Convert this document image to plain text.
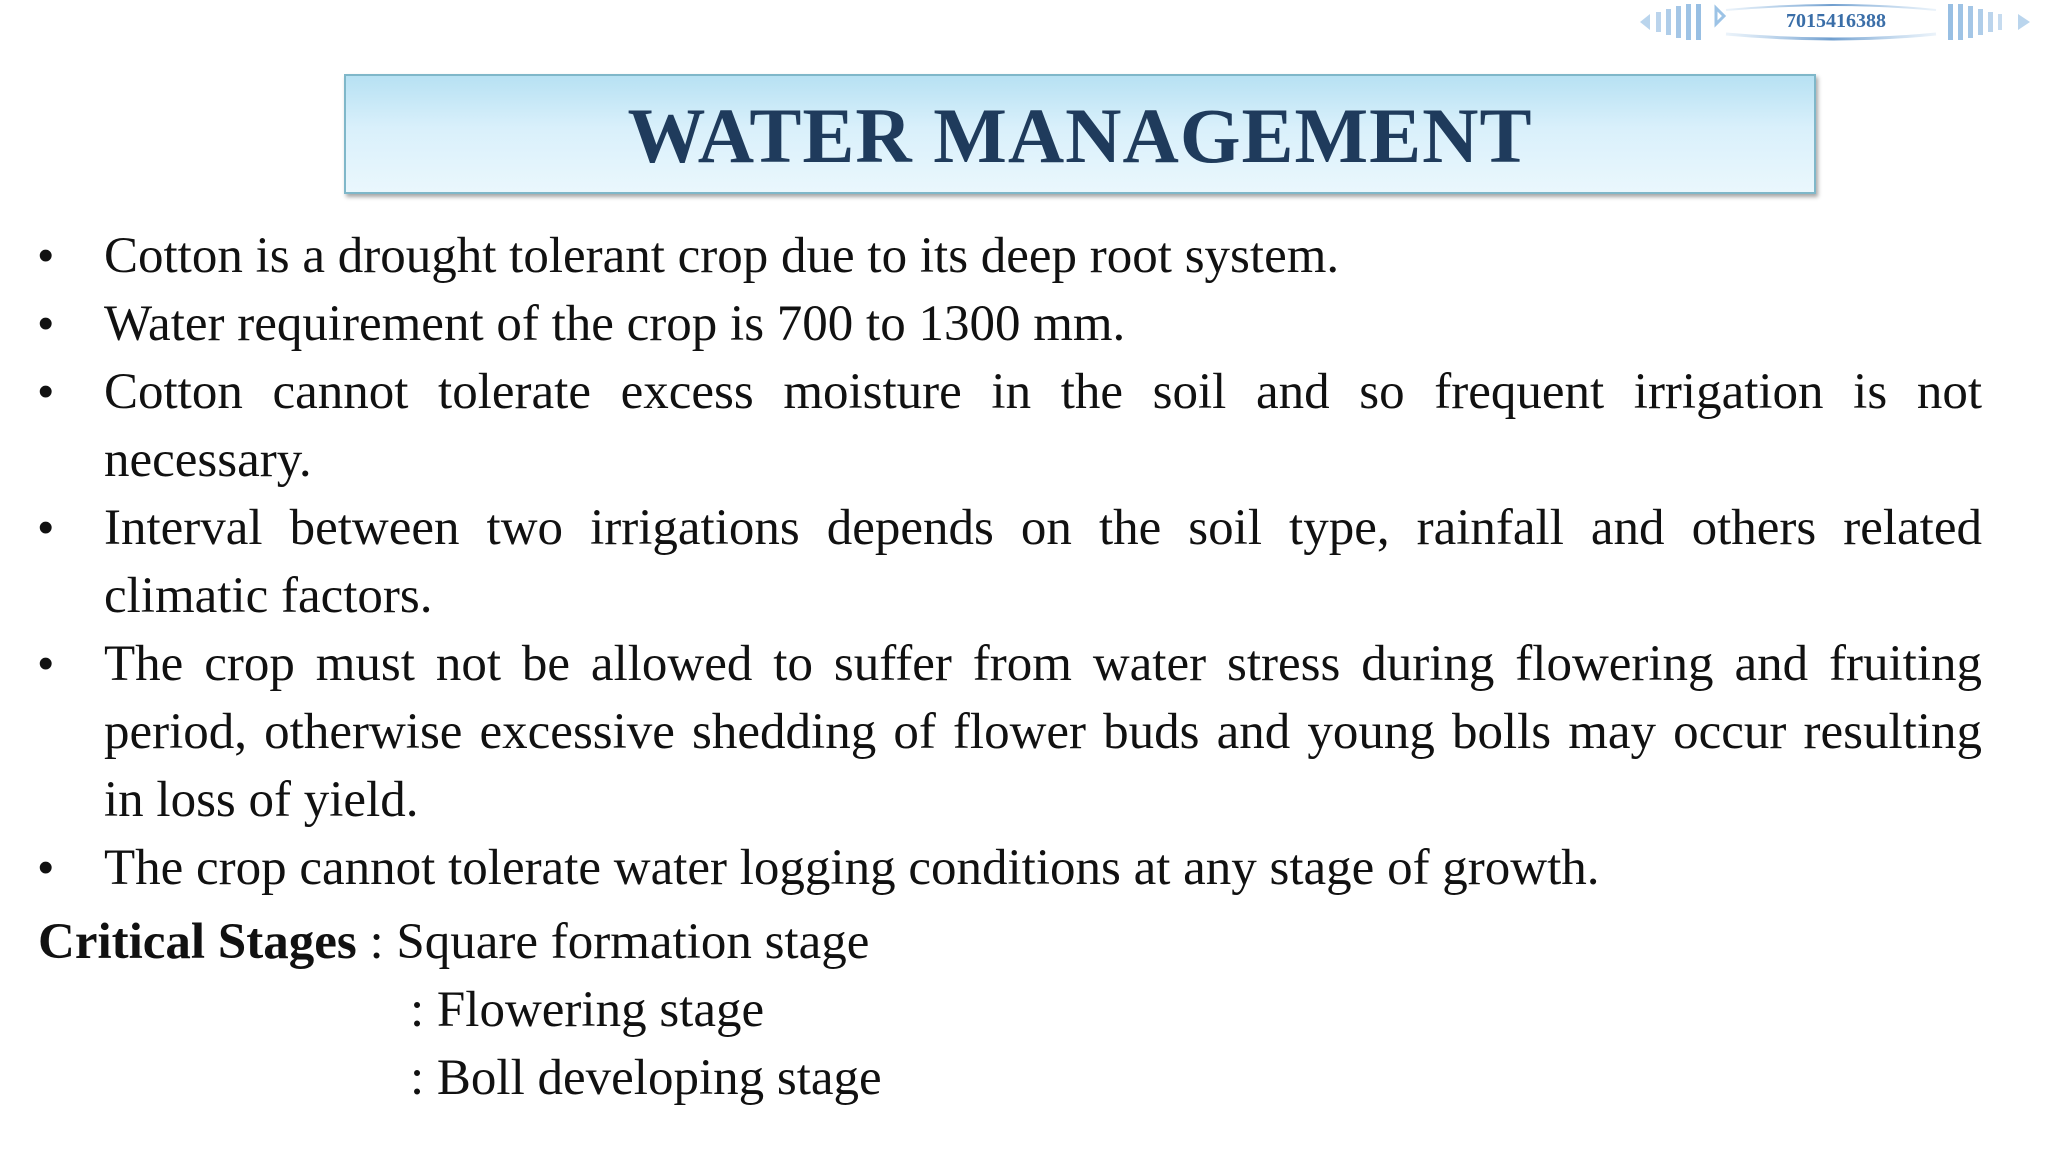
7015416388
WATER MANAGEMENT
• Cotton is a drought tolerant crop due to its deep root system.
• Water requirement of the crop is 700 to 1300 mm.
• Cotton cannot tolerate excess moisture in the soil and so frequent irrigation is not necessary.
• Interval between two irrigations depends on the soil type, rainfall and others related climatic factors.
• The crop must not be allowed to suffer from water stress during flowering and fruiting period, otherwise excessive shedding of flower buds and young bolls may occur resulting in loss of yield.
• The crop cannot tolerate water logging conditions at any stage of growth.
Critical Stages : Square formation stage
: Flowering stage
: Boll developing stage
